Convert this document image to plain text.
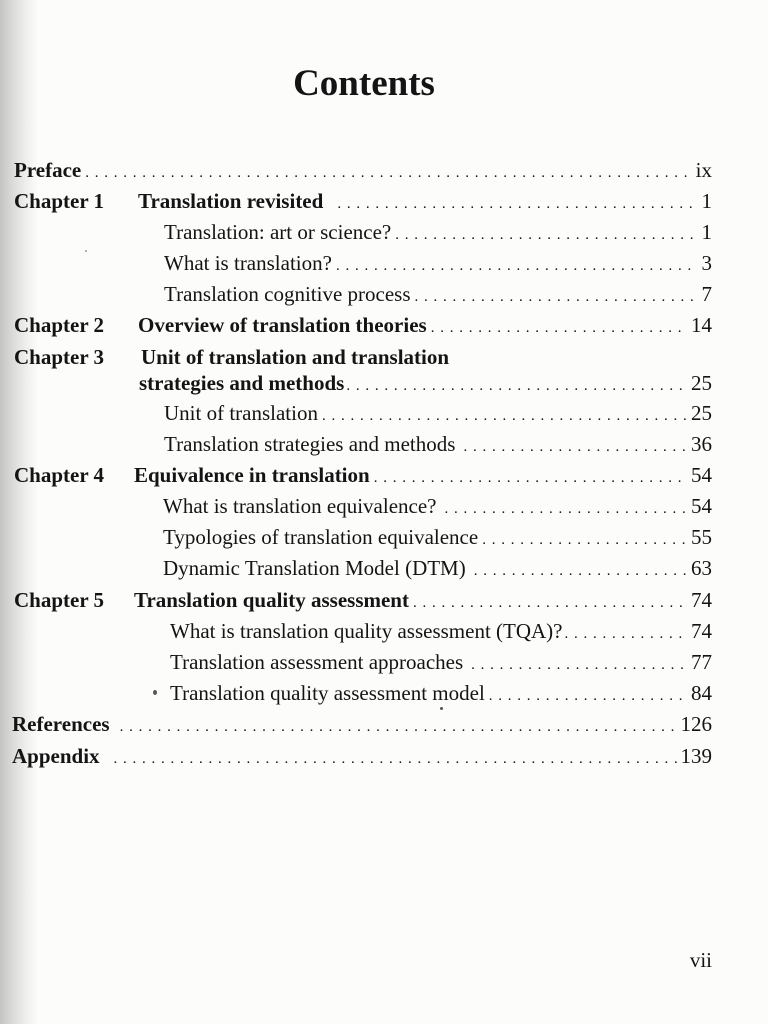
Contents
Preface . . .	ix
Chapter 1	Translation revisited . . .	1
Translation: art or science? . . .	1
What is translation? . . .	3
Translation cognitive process . . .	7
Chapter 2	Overview of translation theories . . .	14
Chapter 3	Unit of translation and translation
strategies and methods . . .	25
Unit of translation . . .	25
Translation strategies and methods . . .	36
Chapter 4	Equivalence in translation . . .	54
What is translation equivalence? . . .	54
Typologies of translation equivalence . . .	55
Dynamic Translation Model (DTM) . . .	63
Chapter 5	Translation quality assessment . . .	74
What is translation quality assessment (TQA)? . . .	74
Translation assessment approaches . . .	77
Translation quality assessment model . . .	84
References . . .	126
Appendix . . .	139
vii
